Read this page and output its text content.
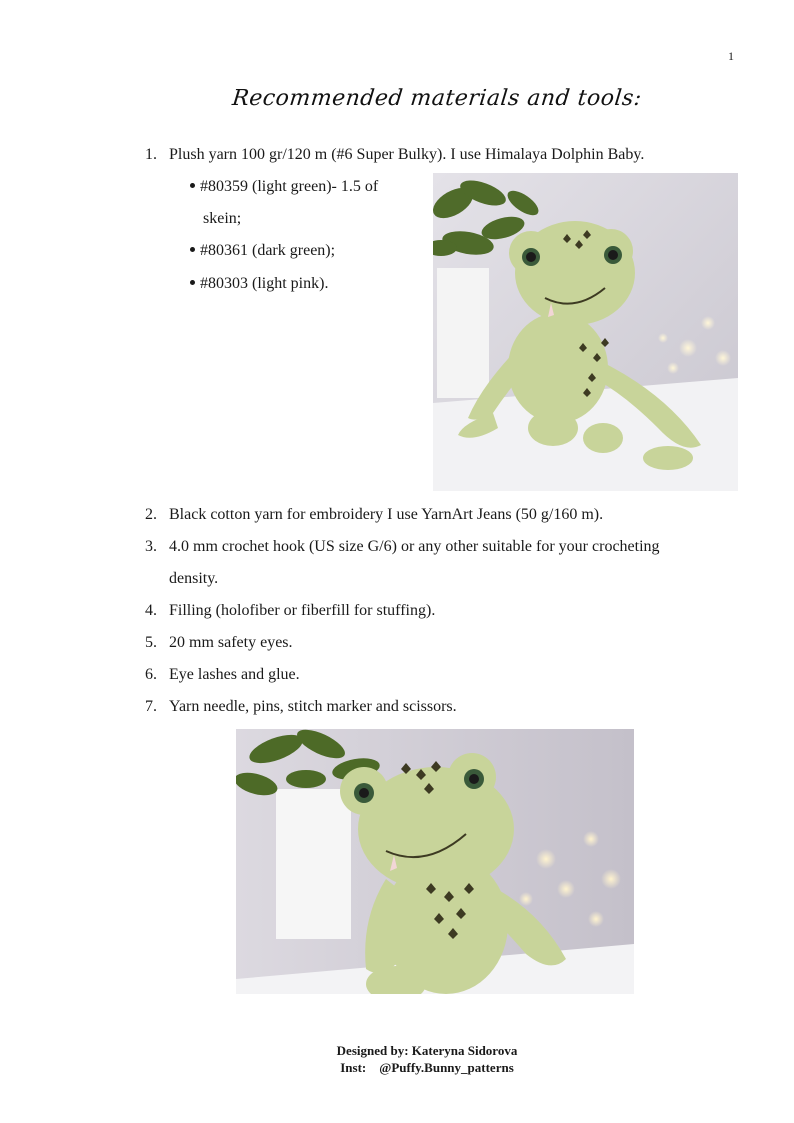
1
Recommended materials and tools:
1. Plush yarn 100 gr/120 m (#6 Super Bulky). I use Himalaya Dolphin Baby.
#80359 (light green)- 1.5 of
skein;
#80361 (dark green);
#80303 (light pink).
2. Black cotton yarn for embroidery I use YarnArt Jeans (50 g/160 m).
3. 4.0 mm crochet hook (US size G/6) or any other suitable for your crocheting
density.
4. Filling (holofiber or fiberfill for stuffing).
5. 20 mm safety eyes.
6. Eye lashes and glue.
7. Yarn needle, pins, stitch marker and scissors.
Designed by: Kateryna Sidorova
Inst:    @Puffy.Bunny_patterns
